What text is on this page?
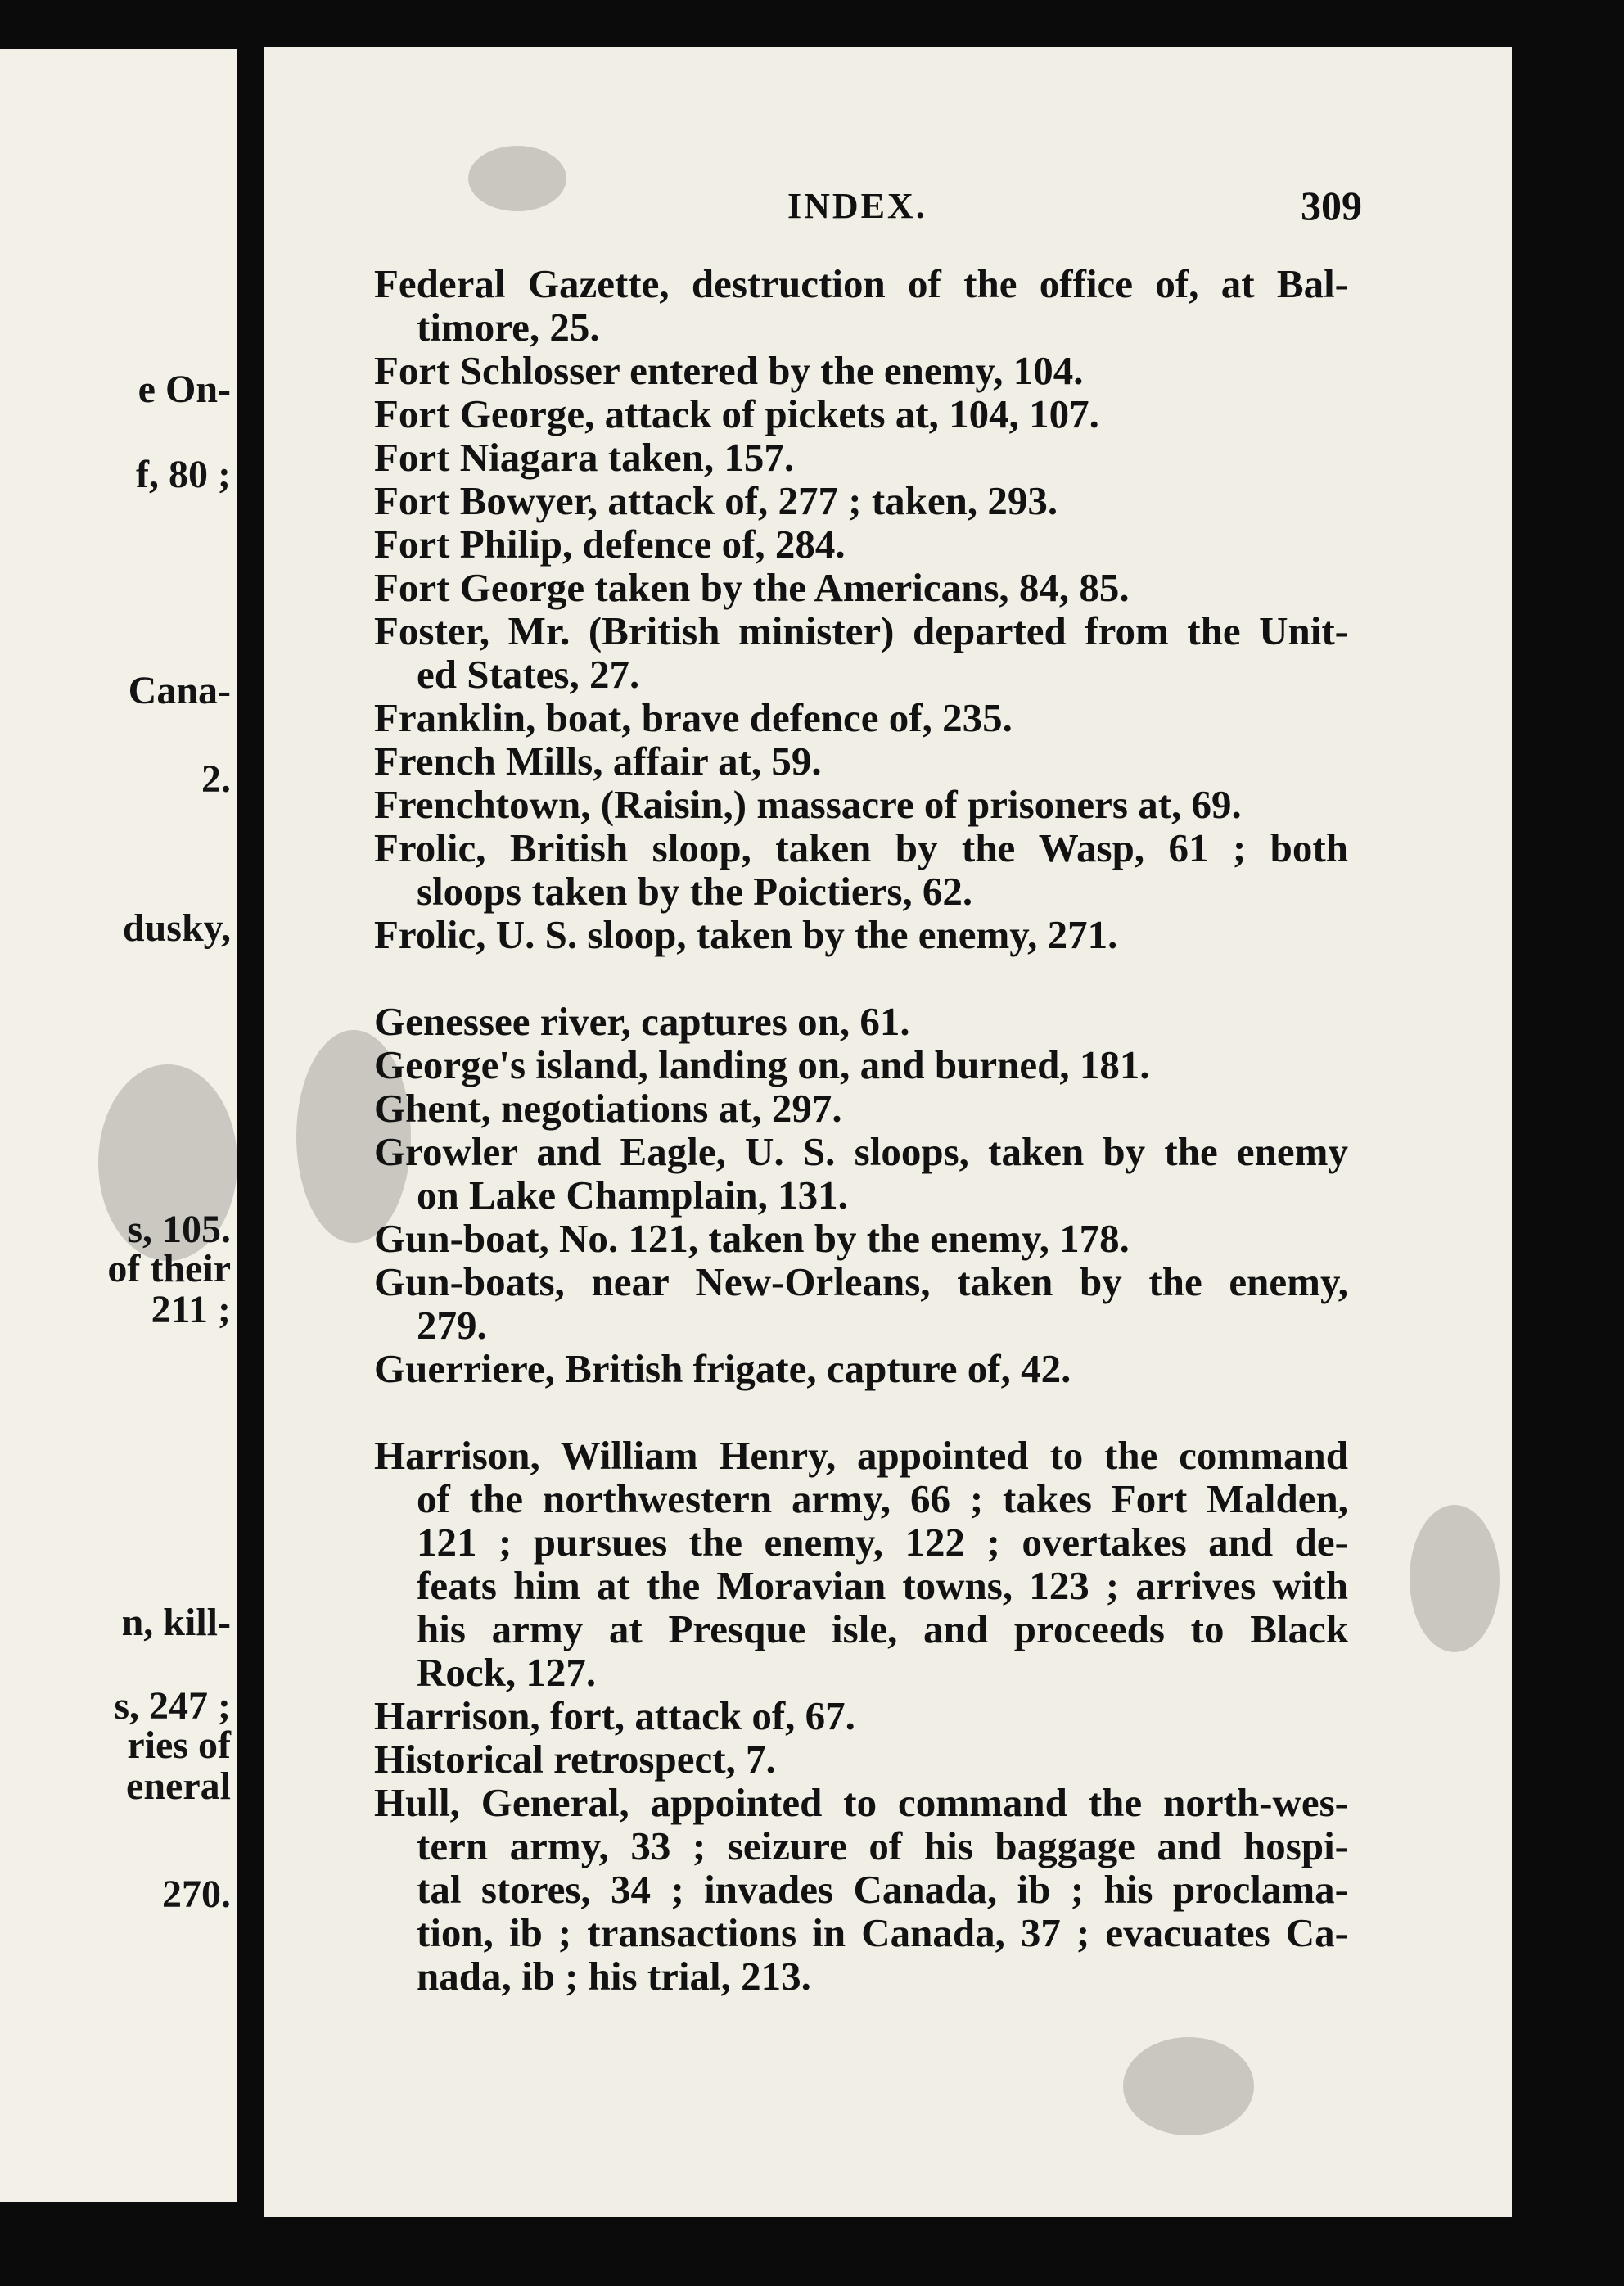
e On-
f, 80 ;
Cana-
2.
dusky,
s, 105.
of their
211 ;
n, kill-
s, 247 ;
ries of
eneral
270.
INDEX.	309

Federal Gazette, destruction of the office of, at Bal-
timore, 25.

Fort Schlosser entered by the enemy, 104.

Fort George, attack of pickets at, 104, 107.

Fort Niagara taken, 157.

Fort Bowyer, attack of, 277 ; taken, 293.

Fort Philip, defence of, 284.

Fort George taken by the Americans, 84, 85.

Foster, Mr. (British minister) departed from the Unit-
ed States, 27.

Franklin, boat, brave defence of, 235.

French Mills, affair at, 59.

Frenchtown, (Raisin,) massacre of prisoners at, 69.

Frolic, British sloop, taken by the Wasp, 61 ; both
sloops taken by the Poictiers, 62.

Frolic, U. S. sloop, taken by the enemy, 271.

Genessee river, captures on, 61.

George's island, landing on, and burned, 181.

Ghent, negotiations at, 297.

Growler and Eagle, U. S. sloops, taken by the enemy
on Lake Champlain, 131.

Gun-boat, No. 121, taken by the enemy, 178.

Gun-boats, near New-Orleans, taken by the enemy,
279.

Guerriere, British frigate, capture of, 42.

Harrison, William Henry, appointed to the command
of the northwestern army, 66 ; takes Fort Malden,
121 ; pursues the enemy, 122 ; overtakes and de-
feats him at the Moravian towns, 123 ; arrives with
his army at Presque isle, and proceeds to Black
Rock, 127.

Harrison, fort, attack of, 67.

Historical retrospect, 7.

Hull, General, appointed to command the north-wes-
tern army, 33 ; seizure of his baggage and hospi-
tal stores, 34 ; invades Canada, ib ; his proclama-
tion, ib ; transactions in Canada, 37 ; evacuates Ca-
nada, ib ; his trial, 213.
